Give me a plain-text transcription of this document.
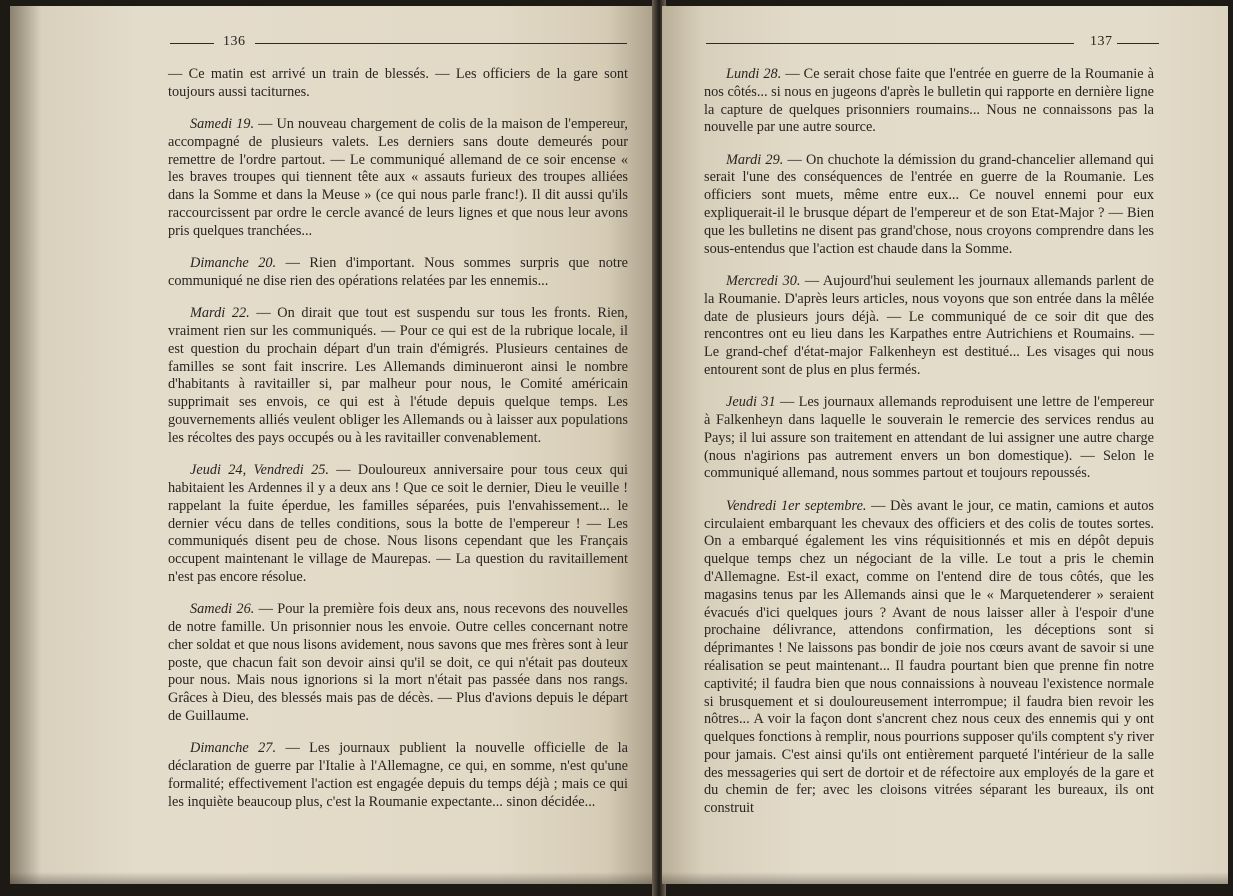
136

— Ce matin est arrivé un train de blessés. — Les officiers de la gare sont toujours aussi taciturnes.

Samedi 19. — Un nouveau chargement de colis de la maison de l'empereur, accompagné de plusieurs valets. Les derniers sans doute demeurés pour remettre de l'ordre partout. — Le communiqué allemand de ce soir encense « les braves troupes qui tiennent tête aux « assauts furieux des troupes alliées dans la Somme et dans la Meuse » (ce qui nous parle franc!). Il dit aussi qu'ils raccourcissent par ordre le cercle avancé de leurs lignes et que nous leur avons pris quelques tranchées...

Dimanche 20. — Rien d'important. Nous sommes surpris que notre communiqué ne dise rien des opérations relatées par les ennemis...

Mardi 22. — On dirait que tout est suspendu sur tous les fronts. Rien, vraiment rien sur les communiqués. — Pour ce qui est de la rubrique locale, il est question du prochain départ d'un train d'émigrés. Plusieurs centaines de familles se sont fait inscrire. Les Allemands diminueront ainsi le nombre d'habitants à ravitailler si, par malheur pour nous, le Comité américain supprimait ses envois, ce qui est à l'étude depuis quelque temps. Les gouvernements alliés veulent obliger les Allemands ou à laisser aux populations les récoltes des pays occupés ou à les ravitailler convenablement.

Jeudi 24, Vendredi 25. — Douloureux anniversaire pour tous ceux qui habitaient les Ardennes il y a deux ans ! Que ce soit le dernier, Dieu le veuille ! rappelant la fuite éperdue, les familles séparées, puis l'envahissement... le dernier vécu dans de telles conditions, sous la botte de l'empereur ! — Les communiqués disent peu de chose. Nous lisons cependant que les Français occupent maintenant le village de Maurepas. — La question du ravitaillement n'est pas encore résolue.

Samedi 26. — Pour la première fois deux ans, nous recevons des nouvelles de notre famille. Un prisonnier nous les envoie. Outre celles concernant notre cher soldat et que nous lisons avidement, nous savons que mes frères sont à leur poste, que chacun fait son devoir ainsi qu'il se doit, ce qui n'était pas douteux pour nous. Mais nous ignorions si la mort n'était pas passée dans nos rangs. Grâces à Dieu, des blessés mais pas de décès. — Plus d'avions depuis le départ de Guillaume.

Dimanche 27. — Les journaux publient la nouvelle officielle de la déclaration de guerre par l'Italie à l'Allemagne, ce qui, en somme, n'est qu'une formalité; effectivement l'action est engagée depuis du temps déjà ; mais ce qui les inquiète beaucoup plus, c'est la Roumanie expectante... sinon décidée...

137

Lundi 28. — Ce serait chose faite que l'entrée en guerre de la Roumanie à nos côtés... si nous en jugeons d'après le bulletin qui rapporte en dernière ligne la capture de quelques prisonniers roumains... Nous ne connaissons pas la nouvelle par une autre source.

Mardi 29. — On chuchote la démission du grand-chancelier allemand qui serait l'une des conséquences de l'entrée en guerre de la Roumanie. Les officiers sont muets, même entre eux... Ce nouvel ennemi pour eux expliquerait-il le brusque départ de l'empereur et de son Etat-Major ? — Bien que les bulletins ne disent pas grand'chose, nous croyons comprendre dans les sous-entendus que l'action est chaude dans la Somme.

Mercredi 30. — Aujourd'hui seulement les journaux allemands parlent de la Roumanie. D'après leurs articles, nous voyons que son entrée dans la mêlée date de plusieurs jours déjà. — Le communiqué de ce soir dit que des rencontres ont eu lieu dans les Karpathes entre Autrichiens et Roumains. — Le grand-chef d'état-major Falkenheyn est destitué... Les visages qui nous entourent sont de plus en plus fermés.

Jeudi 31 — Les journaux allemands reproduisent une lettre de l'empereur à Falkenheyn dans laquelle le souverain le remercie des services rendus au Pays; il lui assure son traitement en attendant de lui assigner une autre charge (nous n'agirions pas autrement envers un bon domestique). — Selon le communiqué allemand, nous sommes partout et toujours repoussés.

Vendredi 1er septembre. — Dès avant le jour, ce matin, camions et autos circulaient embarquant les chevaux des officiers et des colis de toutes sortes. On a embarqué également les vins réquisitionnés et mis en dépôt depuis quelque temps chez un négociant de la ville. Le tout a pris le chemin d'Allemagne. Est-il exact, comme on l'entend dire de tous côtés, que les magasins tenus par les Allemands ainsi que le « Marquetenderer » seraient évacués d'ici quelques jours ? Avant de nous laisser aller à l'espoir d'une prochaine délivrance, attendons confirmation, les déceptions sont si déprimantes ! Ne laissons pas bondir de joie nos cœurs avant de savoir si une réalisation se peut maintenant... Il faudra pourtant bien que prenne fin notre captivité; il faudra bien que nous connaissions à nouveau l'existence normale si brusquement et si douloureusement interrompue; il faudra bien revoir les nôtres... A voir la façon dont s'ancrent chez nous ceux des ennemis qui y ont quelques fonctions à remplir, nous pourrions supposer qu'ils comptent s'y river pour jamais. C'est ainsi qu'ils ont entièrement parqueté l'intérieur de la salle des messageries qui sert de dortoir et de réfectoire aux employés de la gare et du chemin de fer; avec les cloisons vitrées séparant les bureaux, ils ont construit
